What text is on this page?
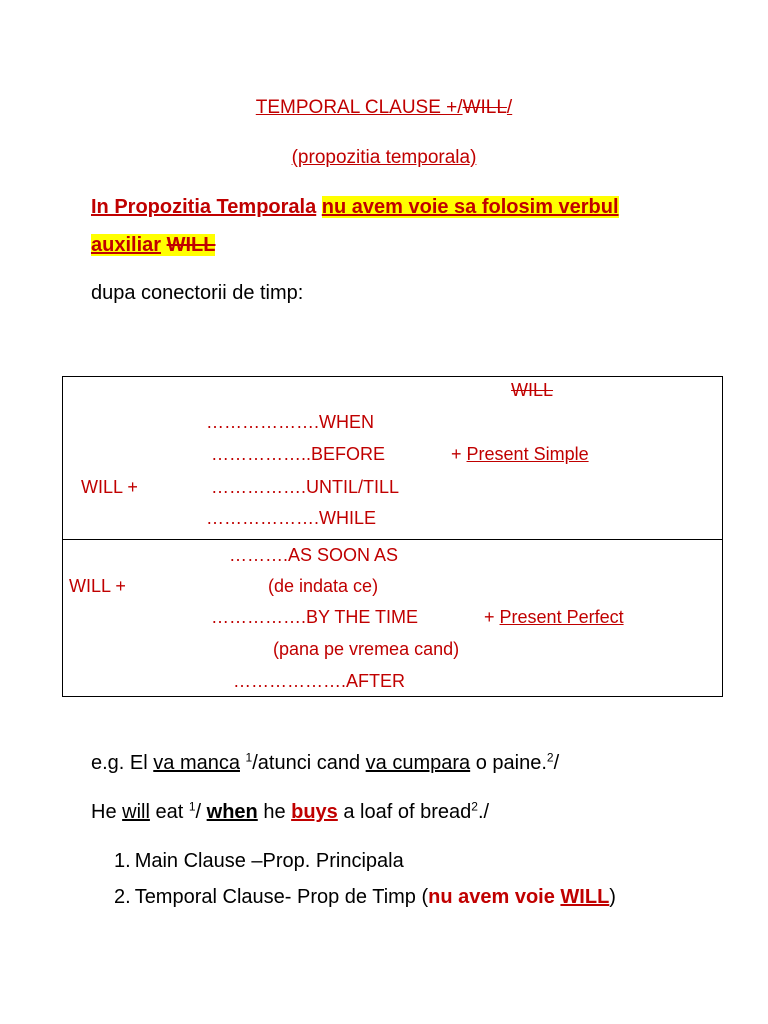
TEMPORAL CLAUSE +/WILL/
(propozitia temporala)
In Propozitia Temporala nu avem voie sa folosim verbul
auxiliar WILL
dupa conectorii de timp:
WILL
……………….WHEN
……………..BEFORE	+ Present Simple
WILL +	…………….UNTIL/TILL
……………….WHILE
……….AS SOON AS
WILL +	(de indata ce)
…………….BY THE TIME	+ Present Perfect
(pana pe vremea cand)
……………….AFTER
e.g. El va manca $^1$/atunci cand va cumpara o paine.$^2$/
He will eat $^1$/ when he buys a loaf of bread$^2$./
1. Main Clause –Prop. Principala
2. Temporal Clause- Prop de Timp (nu avem voie WILL)
